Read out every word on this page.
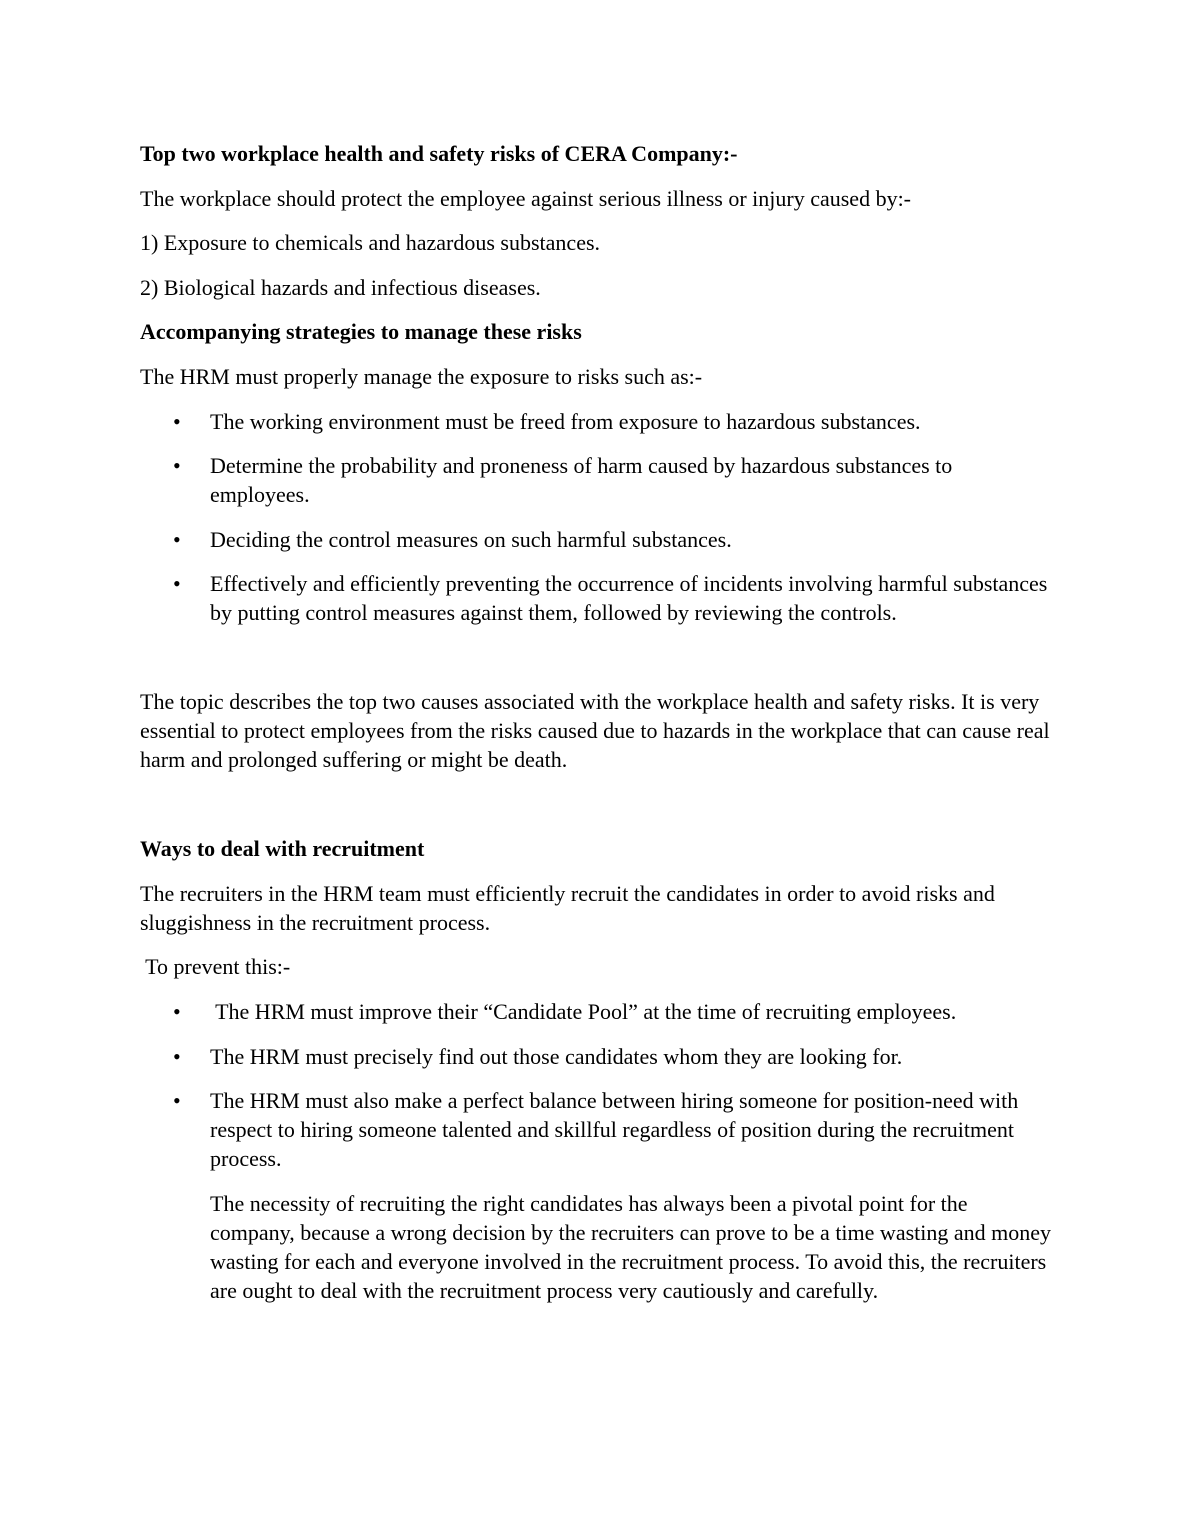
Top two workplace health and safety risks of CERA Company:-
The workplace should protect the employee against serious illness or injury caused by:-
1) Exposure to chemicals and hazardous substances.
2) Biological hazards and infectious diseases.
Accompanying strategies to manage these risks
The HRM must properly manage the exposure to risks such as:-
• The working environment must be freed from exposure to hazardous substances.
• Determine the probability and proneness of harm caused by hazardous substances to employees.
• Deciding the control measures on such harmful substances.
• Effectively and efficiently preventing the occurrence of incidents involving harmful substances by putting control measures against them, followed by reviewing the controls.
The topic describes the top two causes associated with the workplace health and safety risks. It is very essential to protect employees from the risks caused due to hazards in the workplace that can cause real harm and prolonged suffering or might be death.
Ways to deal with recruitment
The recruiters in the HRM team must efficiently recruit the candidates in order to avoid risks and sluggishness in the recruitment process.
To prevent this:-
• The HRM must improve their “Candidate Pool” at the time of recruiting employees.
• The HRM must precisely find out those candidates whom they are looking for.
• The HRM must also make a perfect balance between hiring someone for position-need with respect to hiring someone talented and skillful regardless of position during the recruitment process.
The necessity of recruiting the right candidates has always been a pivotal point for the company, because a wrong decision by the recruiters can prove to be a time wasting and money wasting for each and everyone involved in the recruitment process. To avoid this, the recruiters are ought to deal with the recruitment process very cautiously and carefully.
